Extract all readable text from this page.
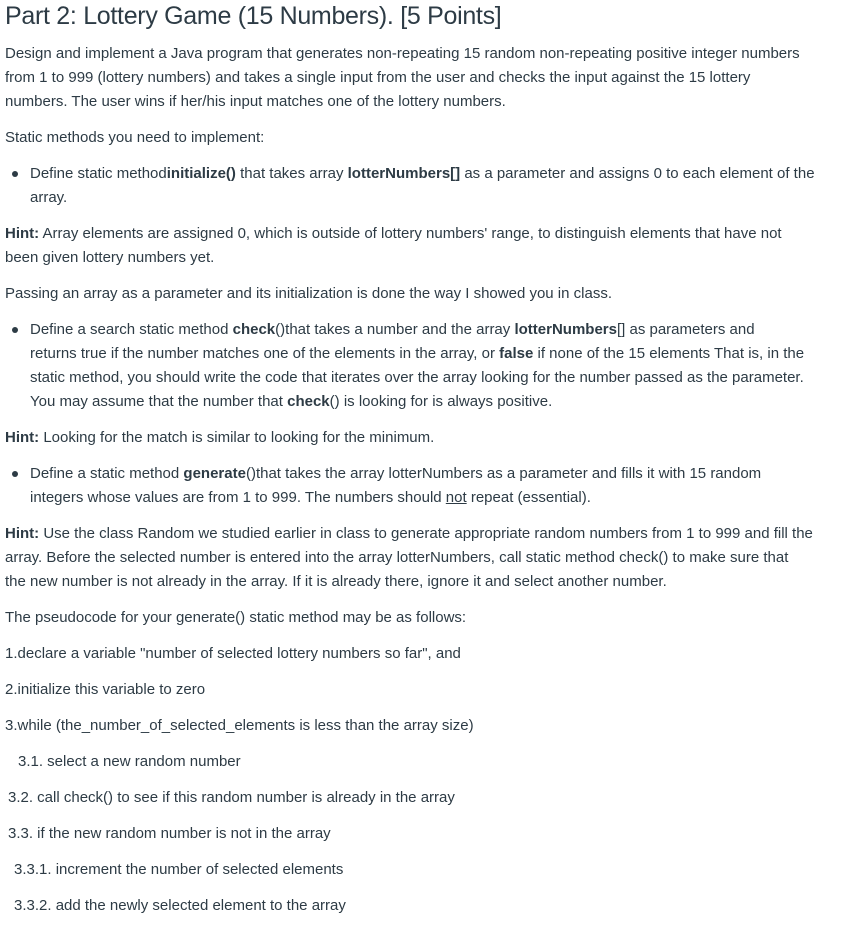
Part 2: Lottery Game (15 Numbers). [5 Points]

Design and implement a Java program that generates non-repeating 15 random non-repeating positive integer numbers

from 1 to 999 (lottery numbers) and takes a single input from the user and checks the input against the 15 lottery

numbers. The user wins if her/his input matches one of the lottery numbers.

Static methods you need to implement:

Define static methodinitialize() that takes array lotterNumbers[] as a parameter and assigns 0 to each element of the

array.

Hint: Array elements are assigned 0, which is outside of lottery numbers' range, to distinguish elements that have not

been given lottery numbers yet.

Passing an array as a parameter and its initialization is done the way I showed you in class.

Define a search static method check()that takes a number and the array lotterNumbers[] as parameters and

returns true if the number matches one of the elements in the array, or false if none of the 15 elements That is, in the

static method, you should write the code that iterates over the array looking for the number passed as the parameter.

You may assume that the number that check() is looking for is always positive.

Hint: Looking for the match is similar to looking for the minimum.

Define a static method generate()that takes the array lotterNumbers as a parameter and fills it with 15 random

integers whose values are from 1 to 999. The numbers should not repeat (essential).

Hint: Use the class Random we studied earlier in class to generate appropriate random numbers from 1 to 999 and fill the

array. Before the selected number is entered into the array lotterNumbers, call static method check() to make sure that

the new number is not already in the array. If it is already there, ignore it and select another number.

The pseudocode for your generate() static method may be as follows:

1.declare a variable "number of selected lottery numbers so far", and

2.initialize this variable to zero

3.while (the_number_of_selected_elements is less than the array size)

3.1. select a new random number

3.2. call check() to see if this random number is already in the array

3.3. if the new random number is not in the array

3.3.1. increment the number of selected elements

3.3.2. add the newly selected element to the array
